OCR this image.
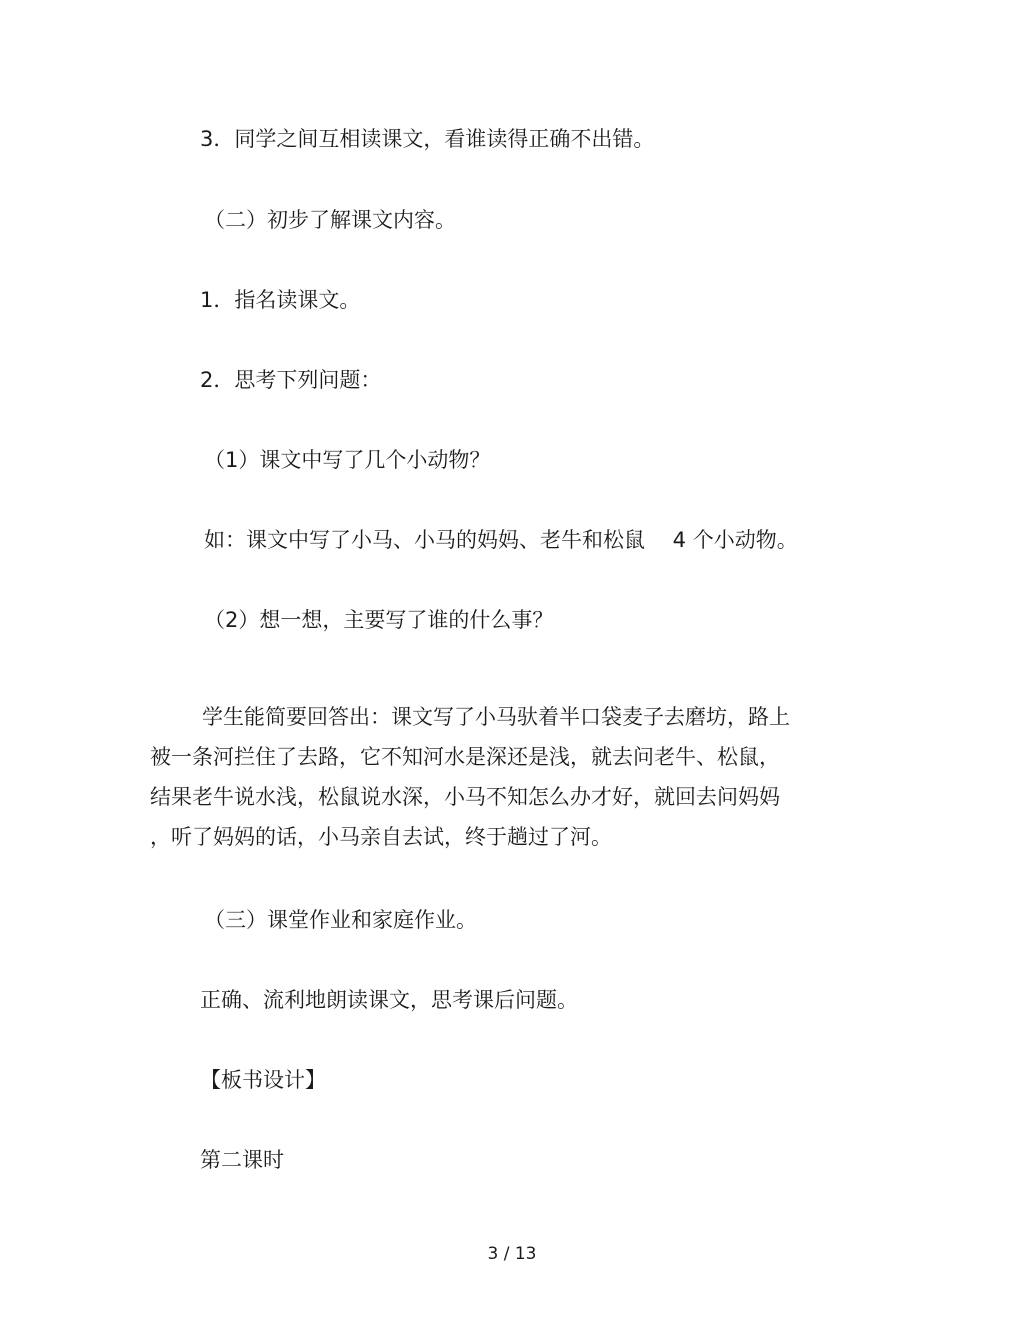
3．同学之间互相读课文，看谁读得正确不出错。

（二）初步了解课文内容。

1．指名读课文。

2．思考下列问题：

（1）课文中写了几个小动物？

如：课文中写了小马、小马的妈妈、老牛和松鼠　 4 个小动物。

（2）想一想，主要写了谁的什么事？

学生能简要回答出：课文写了小马驮着半口袋麦子去磨坊，路上
被一条河拦住了去路，它不知河水是深还是浅，就去问老牛、松鼠，
结果老牛说水浅，松鼠说水深，小马不知怎么办才好，就回去问妈妈
，听了妈妈的话，小马亲自去试，终于趟过了河。

（三）课堂作业和家庭作业。

正确、流利地朗读课文，思考课后问题。

【板书设计】

第二课时

3 / 13
